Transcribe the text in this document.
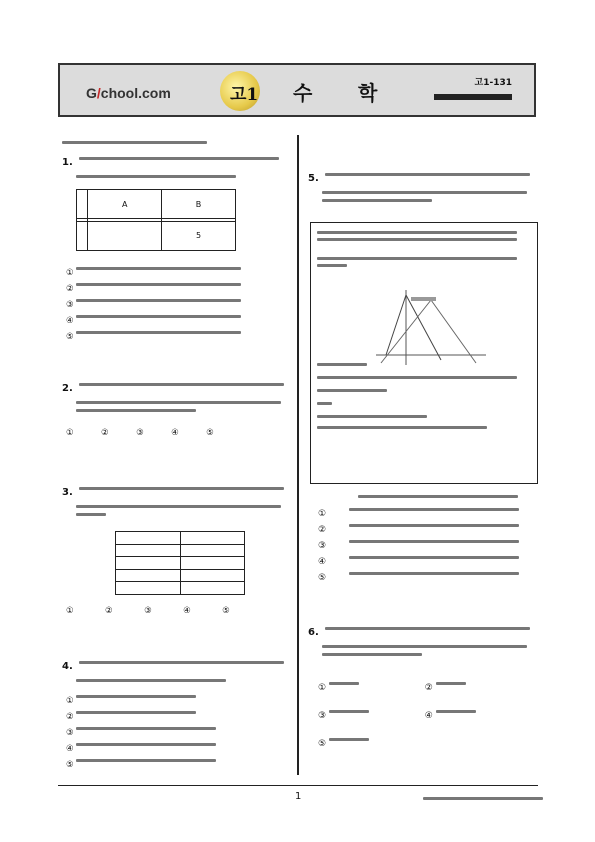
G/chool.com	고1 수 학	고1-131
1.
	A	B

		5
①
②
③
④
⑤
2.
①	②	③	④	⑤
3.

①	②	③	④	⑤
4.
①
②
③
④
⑤
5.
①
②
③
④
⑤
6.
①	②
③	④
⑤
1
